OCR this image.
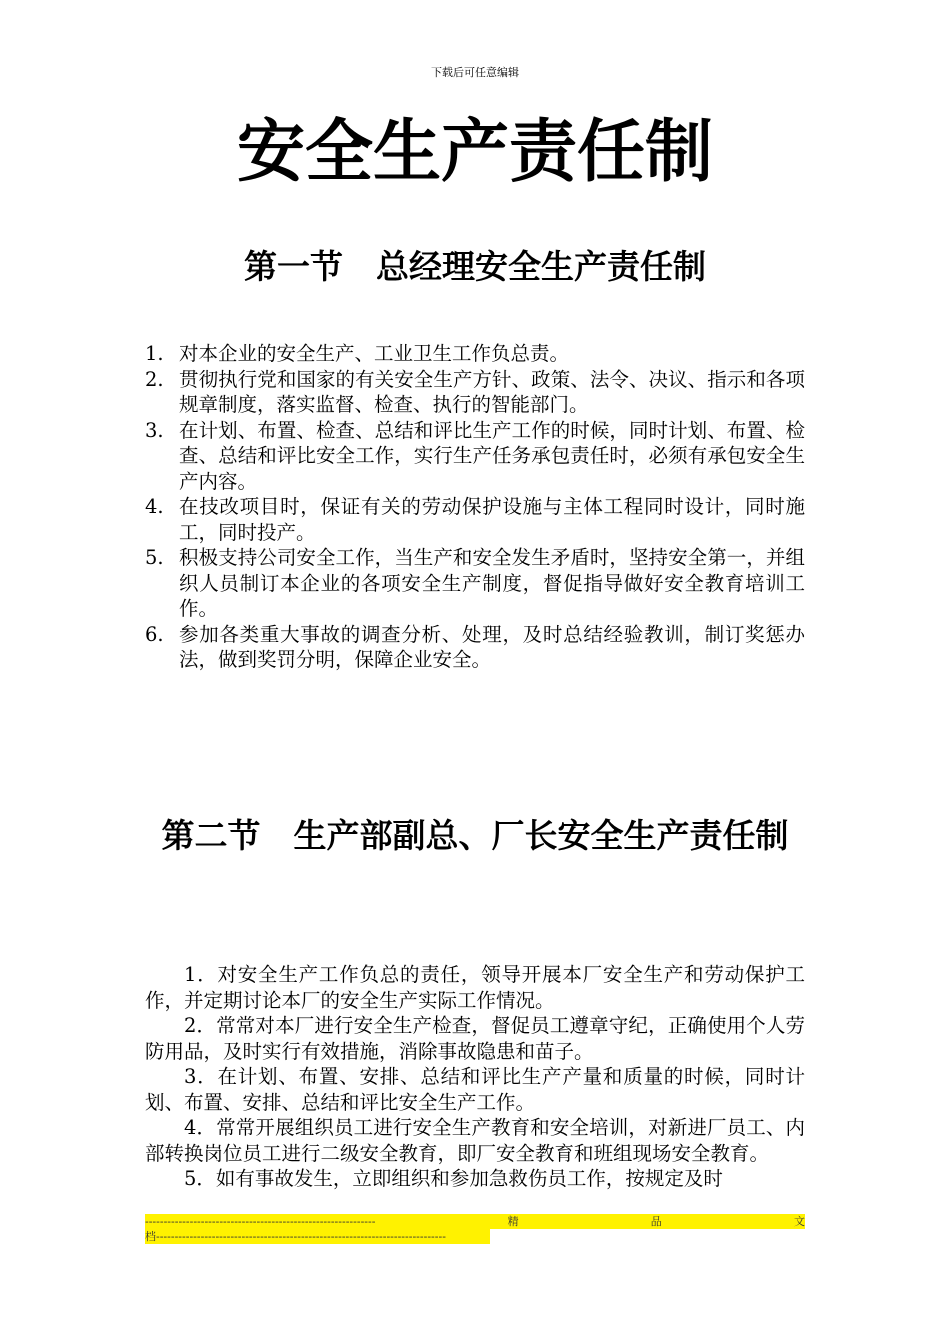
下载后可任意编辑
安全生产责任制
第一节　总经理安全生产责任制
1. 对本企业的安全生产、工业卫生工作负总责。
2. 贯彻执行党和国家的有关安全生产方针、政策、法令、决议、指示和各项规章制度，落实监督、检查、执行的智能部门。
3. 在计划、布置、检查、总结和评比生产工作的时候，同时计划、布置、检查、总结和评比安全工作，实行生产任务承包责任时，必须有承包安全生产内容。
4. 在技改项目时，保证有关的劳动保护设施与主体工程同时设计，同时施工，同时投产。
5. 积极支持公司安全工作，当生产和安全发生矛盾时，坚持安全第一，并组织人员制订本企业的各项安全生产制度，督促指导做好安全教育培训工作。
6. 参加各类重大事故的调查分析、处理，及时总结经验教训，制订奖惩办法，做到奖罚分明，保障企业安全。
第二节　生产部副总、厂长安全生产责任制

1．对安全生产工作负总的责任，领导开展本厂安全生产和劳动保护工作，并定期讨论本厂的安全生产实际工作情况。

2．常常对本厂进行安全生产检查，督促员工遵章守纪，正确使用个人劳防用品，及时实行有效措施，消除事故隐患和苗子。

3．在计划、布置、安排、总结和评比生产产量和质量的时候，同时计划、布置、安排、总结和评比安全生产工作。

4．常常开展组织员工进行安全生产教育和安全培训，对新进厂员工、内部转换岗位员工进行二级安全教育，即厂安全教育和班组现场安全教育。

5．如有事故发生，立即组织和参加急救伤员工作，按规定及时

--------------------------------------------------------------	精	品	文
档------------------------------------------------------------------------------
